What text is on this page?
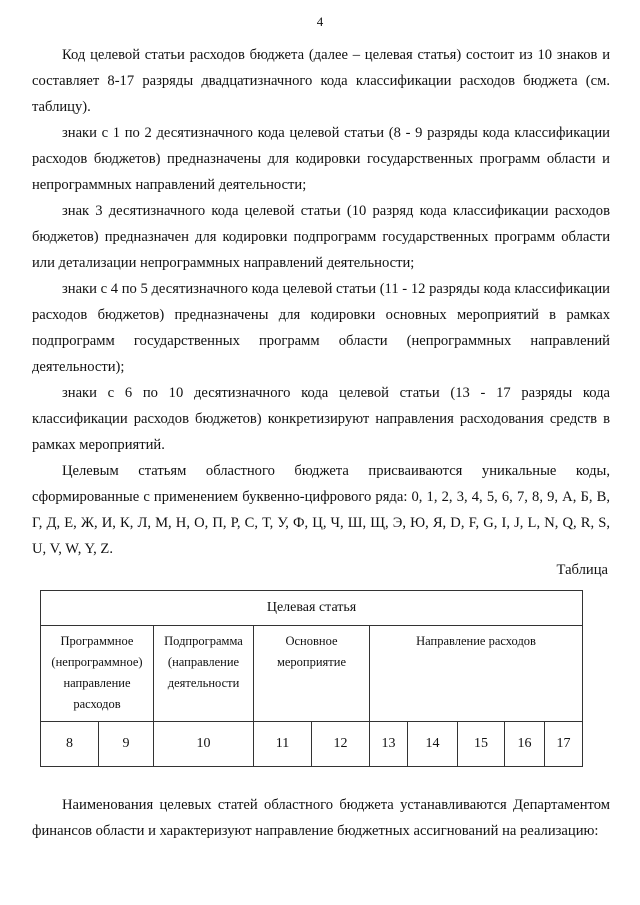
4

Код целевой статьи расходов бюджета (далее – целевая статья) состоит из 10 знаков и составляет 8-17 разряды двадцатизначного кода классификации расходов бюджета (см. таблицу).

знаки с 1 по 2 десятизначного кода целевой статьи (8 - 9 разряды кода классификации расходов бюджетов) предназначены для кодировки государственных программ области и непрограммных направлений деятельности;

знак 3 десятизначного кода целевой статьи (10 разряд кода классификации расходов бюджетов) предназначен для кодировки подпрограмм государственных программ области или детализации непрограммных направлений деятельности;

знаки с 4 по 5 десятизначного кода целевой статьи (11 - 12 разряды кода классификации расходов бюджетов) предназначены для кодировки основных мероприятий в рамках подпрограмм государственных программ области (непрограммных направлений деятельности);

знаки с 6 по 10 десятизначного кода целевой статьи (13 - 17 разряды кода классификации расходов бюджетов) конкретизируют направления расходования средств в рамках мероприятий.

Целевым статьям областного бюджета присваиваются уникальные коды, сформированные с применением буквенно-цифрового ряда: 0, 1, 2, 3, 4, 5, 6, 7, 8, 9, А, Б, В, Г, Д, Е, Ж, И, К, Л, М, Н, О, П, Р, С, Т, У, Ф, Ц, Ч, Ш, Щ, Э, Ю, Я, D, F, G, I, J, L, N, Q, R, S, U, V, W, Y, Z.

Таблица
Целевая статья									
Программное (непрограммное) направление расходов		Подпрограмма (направление деятельности	Основное мероприятие		Направление расходов				
8	9	10	11	12	13	14	15	16	17

Наименования целевых статей областного бюджета устанавливаются Департаментом финансов области и характеризуют направление бюджетных ассигнований на реализацию:
